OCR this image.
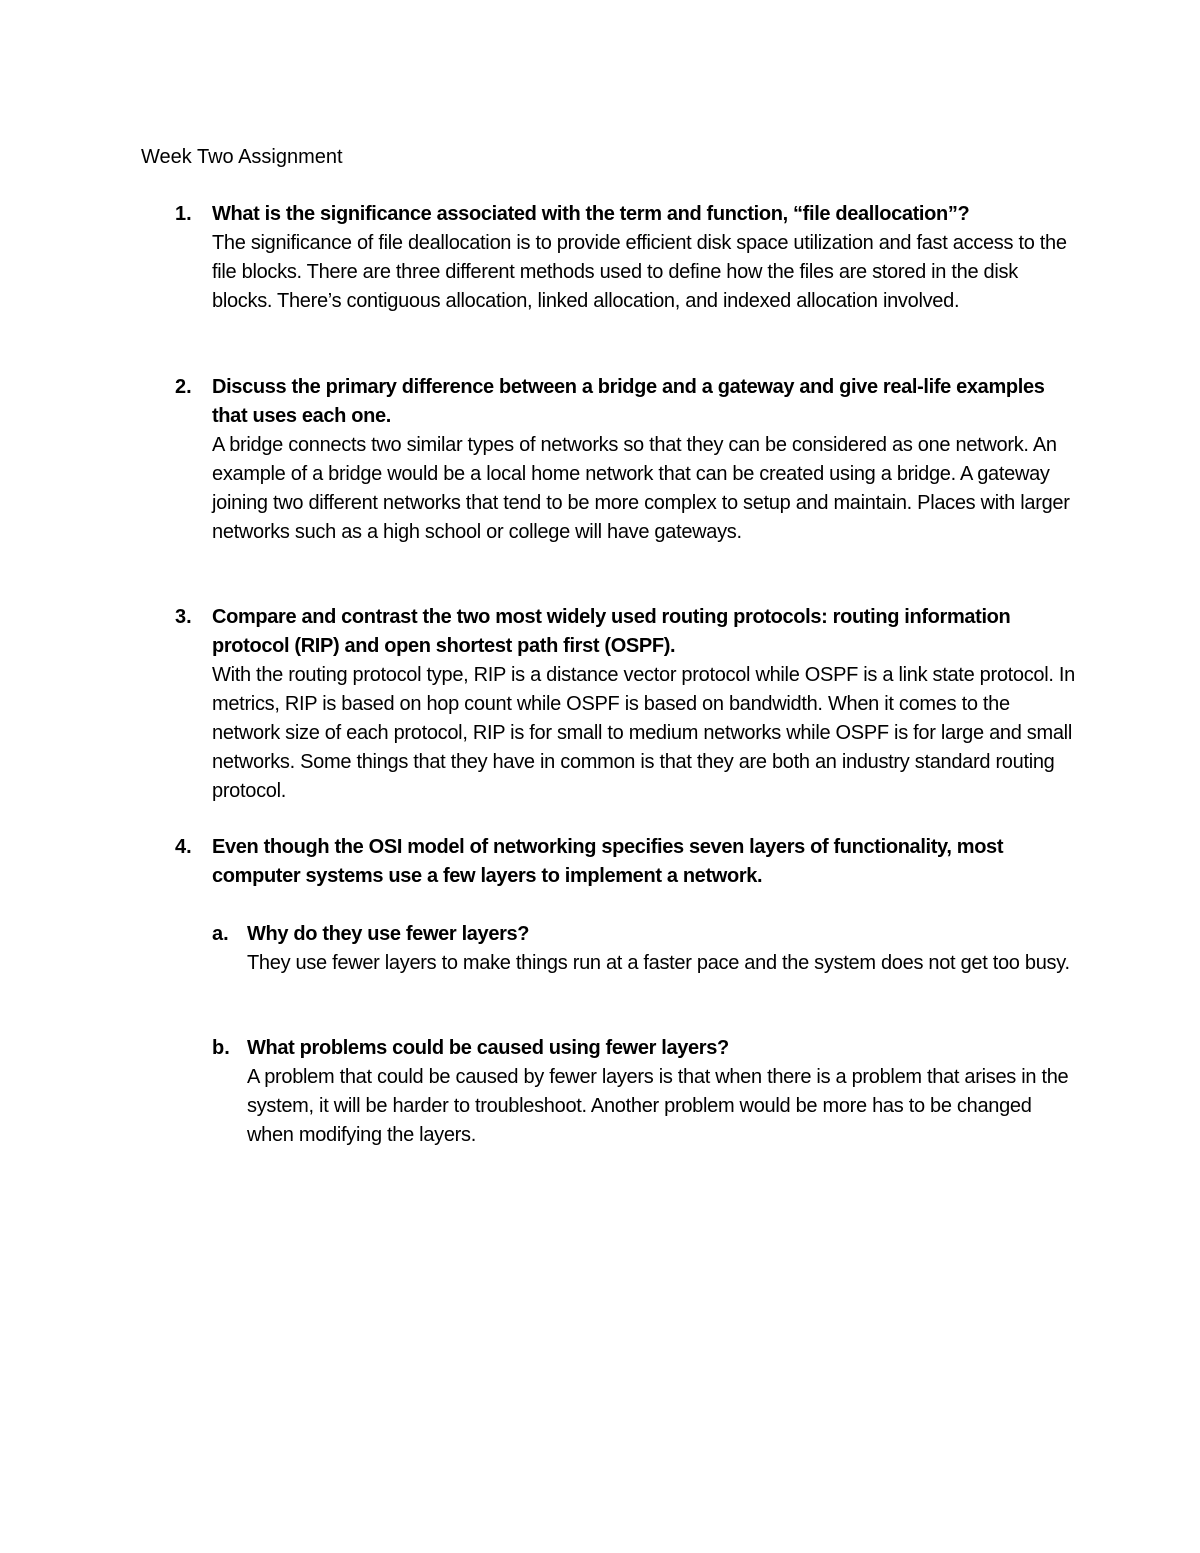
Week Two Assignment
1. What is the significance associated with the term and function, “file deallocation”?
The significance of file deallocation is to provide efficient disk space utilization and fast access to the file blocks. There are three different methods used to define how the files are stored in the disk blocks. There’s contiguous allocation, linked allocation, and indexed allocation involved.
2. Discuss the primary difference between a bridge and a gateway and give real-life examples that uses each one.
A bridge connects two similar types of networks so that they can be considered as one network. An example of a bridge would be a local home network that can be created using a bridge. A gateway joining two different networks that tend to be more complex to setup and maintain. Places with larger networks such as a high school or college will have gateways.
3. Compare and contrast the two most widely used routing protocols: routing information protocol (RIP) and open shortest path first (OSPF).
With the routing protocol type, RIP is a distance vector protocol while OSPF is a link state protocol. In metrics, RIP is based on hop count while OSPF is based on bandwidth. When it comes to the network size of each protocol, RIP is for small to medium networks while OSPF is for large and small networks. Some things that they have in common is that they are both an industry standard routing protocol.
4. Even though the OSI model of networking specifies seven layers of functionality, most computer systems use a few layers to implement a network.
a. Why do they use fewer layers?
They use fewer layers to make things run at a faster pace and the system does not get too busy.
b. What problems could be caused using fewer layers?
A problem that could be caused by fewer layers is that when there is a problem that arises in the system, it will be harder to troubleshoot. Another problem would be more has to be changed when modifying the layers.
